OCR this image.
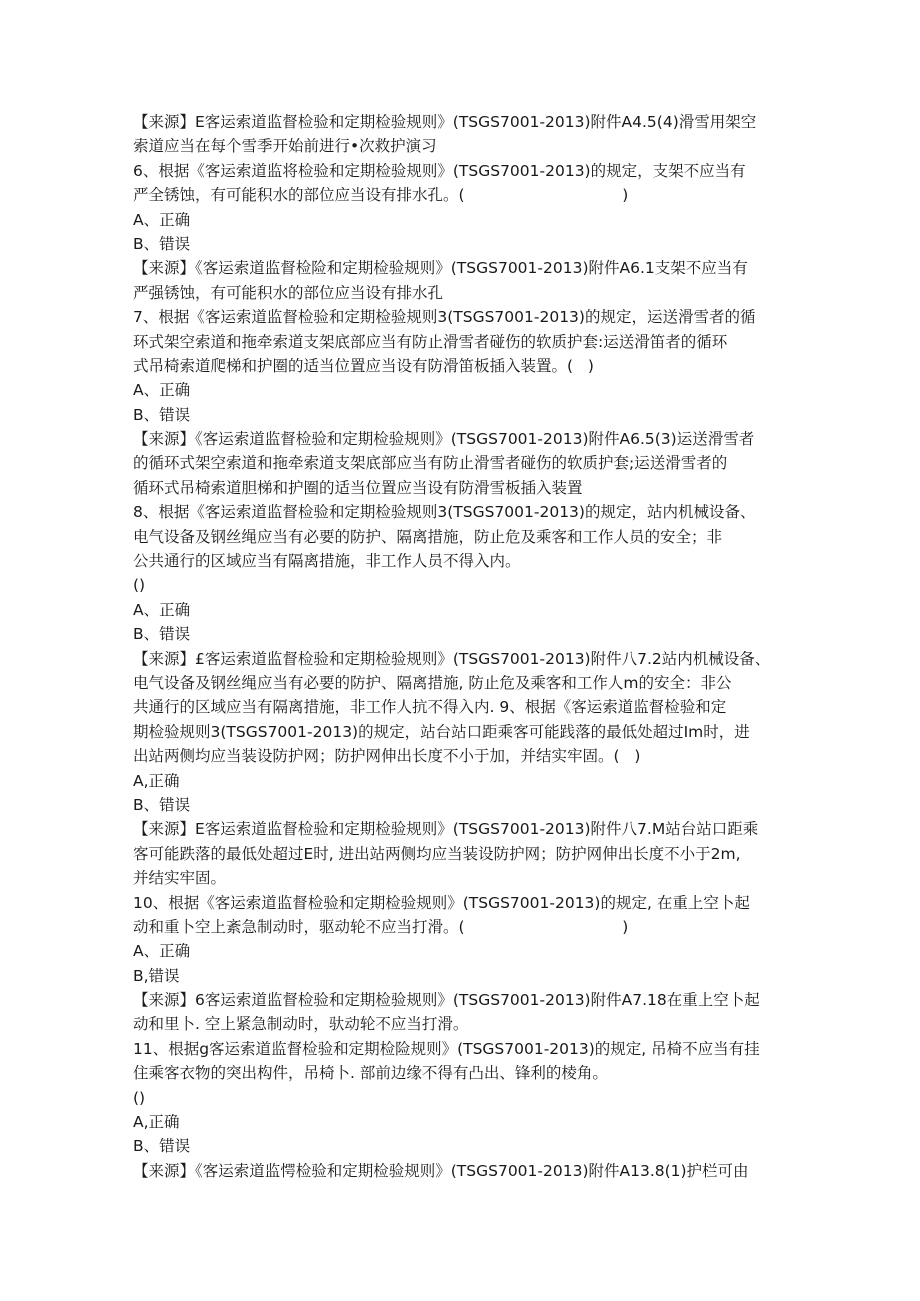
【来源】E客运索道监督检验和定期检验规则》(TSGS7001-2013)附件A4.5(4)滑雪用架空
索道应当在每个雪季开始前进行•次救护演习
6、根据《客运索道监将检验和定期检验规则》(TSGS7001-2013)的规定，支架不应当有
严全锈蚀，有可能积水的部位应当设有排水孔。(                                )
A、正确
B、错误
【来源】《客运索道监督检险和定期检验规则》(TSGS7001-2013)附件A6.1支架不应当有
严强锈蚀，有可能积水的部位应当设有排水孔
7、根据《客运索道监督检验和定期检验规则3(TSGS7001-2013)的规定，运送滑雪者的循
环式架空索道和拖牵索道支架底部应当有防止滑雪者碰伤的软质护套:运送滑笛者的循环
式吊椅索道爬梯和护圈的适当位置应当设有防滑笛板插入装置。(   )
A、正确
B、错误
【来源】《客运索道监督检验和定期检验规则》(TSGS7001-2013)附件A6.5(3)运送滑雪者
的循环式架空索道和拖牵索道支架底部应当有防止滑雪者碰伤的软质护套;运送滑雪者的
循环式吊椅索道胆梯和护圈的适当位置应当设有防滑雪板插入装置
8、根据《客运索道监督检验和定期检验规则3(TSGS7001-2013)的规定，站内机械设备、
电气设备及钢丝绳应当有必要的防护、隔离措施，防止危及乘客和工作人员的安全；非
公共通行的区域应当有隔离措施，非工作人员不得入内。
()
A、正确
B、错误
【来源】£客运索道监督检验和定期检验规则》(TSGS7001-2013)附件八7.2站内机械设备、
电气设备及钢丝绳应当有必要的防护、隔离措施, 防止危及乘客和工作人m的安全：非公
共通行的区域应当有隔离措施，非工作人抗不得入内. 9、根据《客运索道监督检验和定
期检验规则3(TSGS7001-2013)的规定，站台站口距乘客可能践落的最低处超过Im时，进
出站两侧均应当装设防护网；防护网伸出长度不小于加，并结实牢固。(   )
A,正确
B、错误
【来源】E客运索道监督检验和定期检验规则》(TSGS7001-2013)附件八7.M站台站口距乘
客可能跌落的最低处超过E时, 进出站两侧均应当装设防护网；防护网伸出长度不小于2m,
并结实牢固。
10、根据《客运索道监督检验和定期检验规则》(TSGS7001-2013)的规定, 在重上空卜起
动和重卜空上紊急制动时，驱动轮不应当打滑。(                                )
A、正确
B,错误
【来源】6客运索道监督检验和定期检验规则》(TSGS7001-2013)附件A7.18在重上空卜起
动和里卜. 空上紧急制动时，驮动轮不应当打滑。
11、根据g客运索道监督检验和定期检险规则》(TSGS7001-2013)的规定, 吊椅不应当有挂
住乘客衣物的突出构件，吊椅卜. 部前边缘不得有凸出、锋利的棱角。
()
A,正确
B、错误
【来源】《客运索道监愕检验和定期检验规则》(TSGS7001-2013)附件A13.8(1)护栏可由
